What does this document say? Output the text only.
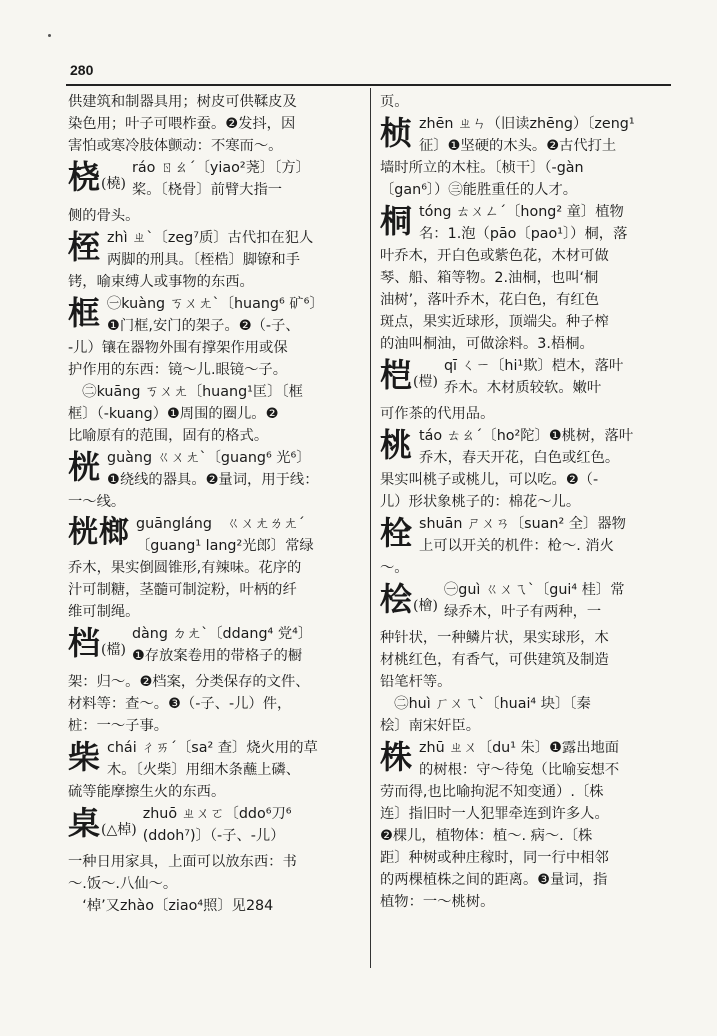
280
供建筑和制器具用；树皮可供鞣皮及
染色用；叶子可喂柞蚕。❷发抖，因
害怕或寒冷肢体颤动：不寒而～。
桡(橈)
ráo ㄖㄠˊ〔yiao²荛〕〔方〕
桨。〔桡骨〕前臂大指一
侧的骨头。
桎 zhì ㄓˋ〔zeg⁷质〕古代扣在犯人
两脚的刑具。〔桎梏〕脚镣和手
铐，喻束缚人或事物的东西。
框 ㊀kuàng ㄎㄨㄤˋ〔huang⁶ 矿⁶〕
❶门框,安门的架子。❷（-子、
-儿）镶在器物外围有撑架作用或保
护作用的东西：镜～儿.眼镜～子。
　㊁kuāng ㄎㄨㄤ〔huang¹匡〕〔框
框〕（-kuang）❶周围的圈儿。❷
比喻原有的范围，固有的格式。
桄 guàng ㄍㄨㄤˋ〔guang⁶ 光⁶〕
❶绕线的器具。❷量词，用于线：
一～线。
桄榔 guāngláng　ㄍㄨㄤㄌㄤˊ
〔guang¹ lang²光郎〕常绿
乔木，果实倒圆锥形,有辣味。花序的
汁可制糖，茎髓可制淀粉，叶柄的纤
维可制绳。
档(檔)
dàng ㄉㄤˋ〔ddang⁴ 党⁴〕
❶存放案卷用的带格子的橱
架：归～。❷档案，分类保存的文件、
材料等：查～。❸（-子、-儿）件，
桩：一～子事。
柴 chái ㄔㄞˊ〔sa² 查〕烧火用的草
木。〔火柴〕用细木条蘸上磷、
硫等能摩擦生火的东西。
桌(△棹)
zhuō ㄓㄨㄛ〔ddo⁶刀⁶
(ddoh⁷)〕（-子、-儿）
一种日用家具，上面可以放东西：书
～.饭～.八仙～。
　‘棹’又zhào〔ziao⁴照〕见284
页。
桢 zhēn ㄓㄣ（旧读zhēng）〔zeng¹
征〕❶坚硬的木头。❷古代打土
墙时所立的木柱。〔桢干〕（-gàn
〔gan⁶〕）㊂能胜重任的人才。
桐 tóng ㄊㄨㄥˊ〔hong² 童〕植物
名：1.泡（pāo〔pao¹〕）桐，落
叶乔木，开白色或紫色花，木材可做
琴、船、箱等物。2.油桐，也叫‘桐
油树’，落叶乔木，花白色，有红色
斑点，果实近球形，顶端尖。种子榨
的油叫桐油，可做涂料。3.梧桐。
桤(榿)
qī ㄑㄧ〔hi¹欺〕桤木，落叶
乔木。木材质较软。嫩叶
可作茶的代用品。
桃 táo ㄊㄠˊ〔ho²陀〕❶桃树，落叶
乔木，春天开花，白色或红色。
果实叫桃子或桃儿，可以吃。❷（-
儿）形状象桃子的：棉花～儿。
栓 shuān ㄕㄨㄢ〔suan² 全〕器物
上可以开关的机件：枪～. 消火
～。
桧(檜)
㊀guì ㄍㄨㄟˋ〔gui⁴ 桂〕常
绿乔木，叶子有两种，一
种针状，一种鳞片状，果实球形，木
材桃红色，有香气，可供建筑及制造
铅笔杆等。
　㊁huì ㄏㄨㄟˋ〔huai⁴ 块〕〔秦
桧〕南宋奸臣。
株 zhū ㄓㄨ〔du¹ 朱〕❶露出地面
的树根：守～待兔（比喻妄想不
劳而得,也比喻拘泥不知变通）.〔株
连〕指旧时一人犯罪牵连到许多人。
❷棵儿，植物体：植～. 病～.〔株
距〕种树或种庄稼时，同一行中相邻
的两棵植株之间的距离。❸量词，指
植物：一～桃树。
